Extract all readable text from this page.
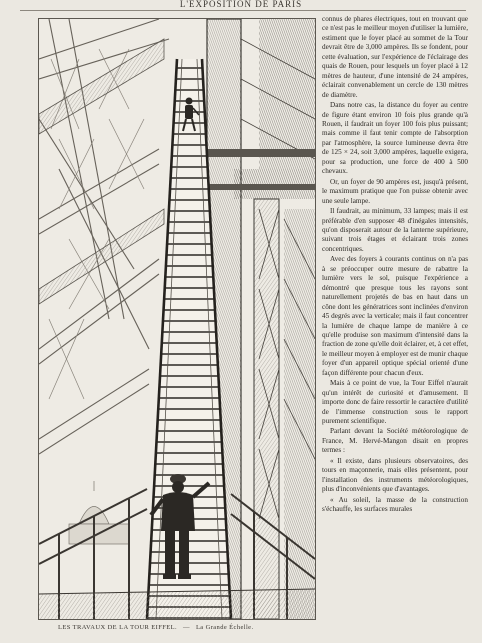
L'EXPOSITION DE PARIS
LES TRAVAUX DE LA TOUR EIFFEL. — La Grande Échelle.

connus de phares électriques, tout en trouvant que ce n'est pas le meilleur moyen d'utiliser la lumière, estiment que le foyer placé au sommet de la Tour devrait être de 3,000 ampères. Ils se fondent, pour cette évaluation, sur l'expérience de l'éclairage des quais de Rouen, pour lesquels un foyer placé à 12 mètres de hauteur, d'une intensité de 24 ampères, éclairait convenablement un cercle de 130 mètres de diamètre.

Dans notre cas, la distance du foyer au centre de figure étant environ 10 fois plus grande qu'à Rouen, il faudrait un foyer 100 fois plus puissant; mais comme il faut tenir compte de l'absorption par l'atmosphère, la source lumineuse devra être de 125 × 24, soit 3,000 ampères, laquelle exigera, pour sa production, une force de 400 à 500 chevaux.

Or, un foyer de 90 ampères est, jusqu'à présent, le maximum pratique que l'on puisse obtenir avec une seule lampe.

Il faudrait, au minimum, 33 lampes; mais il est préférable d'en supposer 48 d'inégales intensités, qu'on disposerait autour de la lanterne supérieure, suivant trois étages et éclairant trois zones concentriques.

Avec des foyers à courants continus on n'a pas à se préoccuper outre mesure de rabattre la lumière vers le sol, puisque l'expérience a démontré que presque tous les rayons sont naturellement projetés de bas en haut dans un cône dont les génératrices sont inclinées d'environ 45 degrés avec la verticale; mais il faut concentrer la lumière de chaque lampe de manière à ce qu'elle produise son maximum d'intensité dans la fraction de zone qu'elle doit éclairer, et, à cet effet, le meilleur moyen à employer est de munir chaque foyer d'un appareil optique spécial orienté d'une façon différente pour chacun d'eux.

Mais à ce point de vue, la Tour Eiffel n'aurait qu'un intérêt de curiosité et d'amusement. Il importe donc de faire ressortir le caractère d'utilité de l'immense construction sous le rapport purement scientifique.

Parlant devant la Société météorologique de France, M. Hervé-Mangon disait en propres termes :

« Il existe, dans plusieurs observatoires, des tours en maçonnerie, mais elles présentent, pour l'installation des instruments météorologiques, plus d'inconvénients que d'avantages.

« Au soleil, la masse de la construction s'échauffe, les surfaces murales
